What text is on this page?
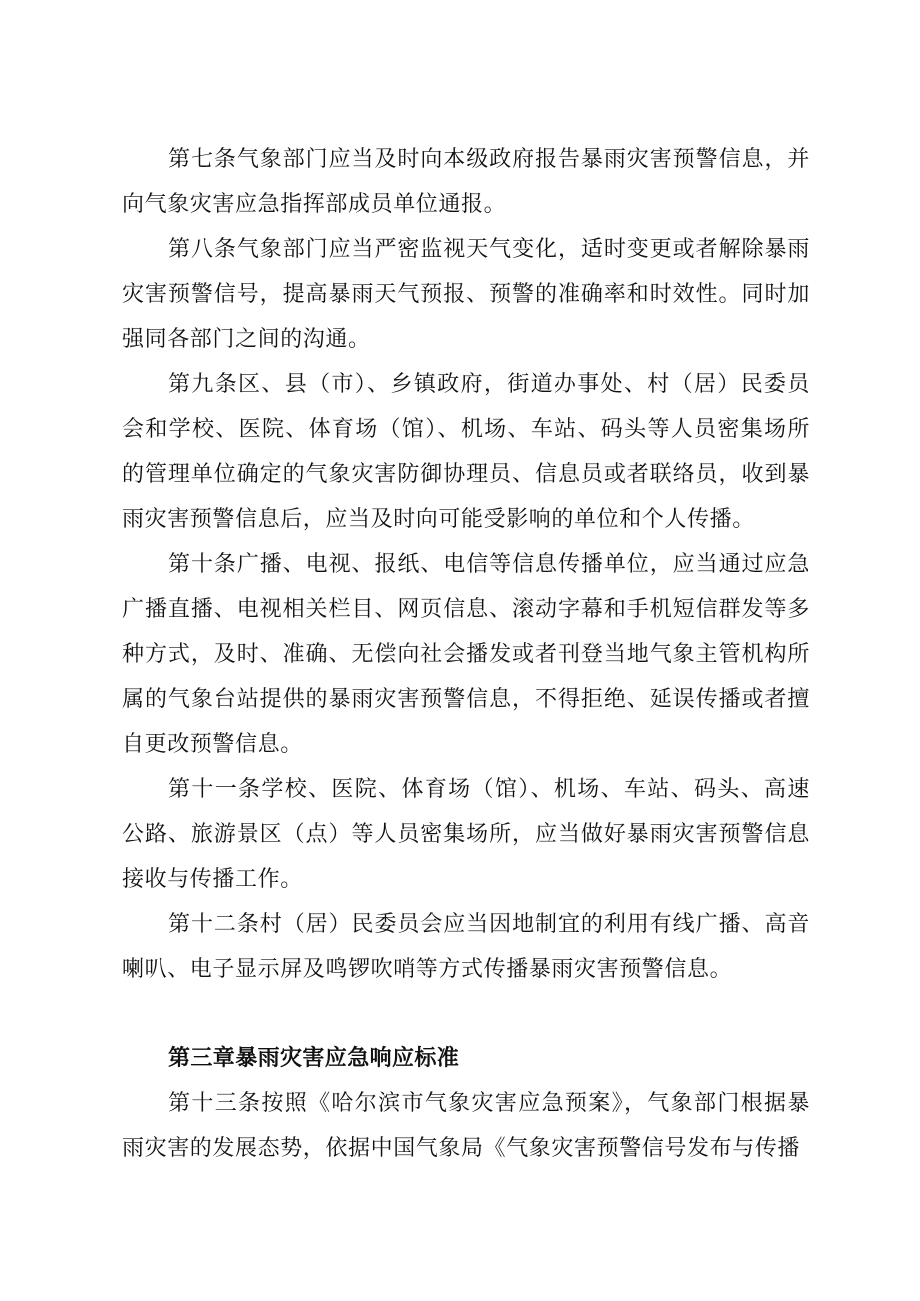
第七条气象部门应当及时向本级政府报告暴雨灾害预警信息，并向气象灾害应急指挥部成员单位通报。

第八条气象部门应当严密监视天气变化，适时变更或者解除暴雨灾害预警信号，提高暴雨天气预报、预警的准确率和时效性。同时加强同各部门之间的沟通。

第九条区、县（市）、乡镇政府，街道办事处、村（居）民委员会和学校、医院、体育场（馆）、机场、车站、码头等人员密集场所的管理单位确定的气象灾害防御协理员、信息员或者联络员，收到暴雨灾害预警信息后，应当及时向可能受影响的单位和个人传播。

第十条广播、电视、报纸、电信等信息传播单位，应当通过应急广播直播、电视相关栏目、网页信息、滚动字幕和手机短信群发等多种方式，及时、准确、无偿向社会播发或者刊登当地气象主管机构所属的气象台站提供的暴雨灾害预警信息，不得拒绝、延误传播或者擅自更改预警信息。

第十一条学校、医院、体育场（馆）、机场、车站、码头、高速公路、旅游景区（点）等人员密集场所，应当做好暴雨灾害预警信息接收与传播工作。

第十二条村（居）民委员会应当因地制宜的利用有线广播、高音喇叭、电子显示屏及鸣锣吹哨等方式传播暴雨灾害预警信息。

第三章暴雨灾害应急响应标准

第十三条按照《哈尔滨市气象灾害应急预案》，气象部门根据暴雨灾害的发展态势，依据中国气象局《气象灾害预警信号发布与传播
